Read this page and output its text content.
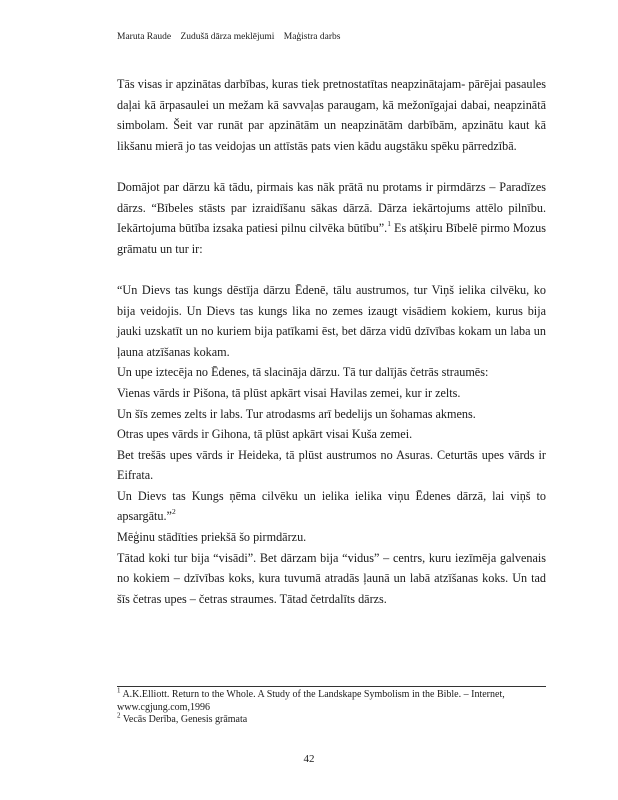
Maruta Raude Zudušā dārza meklējumi Maģistra darbs

Tās visas ir apzinātas darbības, kuras tiek pretnostatītas neapzinātajam- pārējai pasaules daļai kā ārpasaulei un mežam kā savvaļas paraugam, kā mežonīgajai dabai, neapzinātā simbolam. Šeit var runāt par apzinātām un neapzinātām darbībām, apzinātu kaut kā likšanu mierā jo tas veidojas un attīstās pats vien kādu augstāku spēku pārredzībā.

Domājot par dārzu kā tādu, pirmais kas nāk prātā nu protams ir pirmdārzs – Paradīzes dārzs. “Bībeles stāsts par izraidīšanu sākas dārzā. Dārza iekārtojums attēlo pilnību. Iekārtojuma būtība izsaka patiesi pilnu cilvēka būtību”.$^1$ Es atšķiru Bībelē pirmo Mozus grāmatu un tur ir:

“Un Dievs tas kungs dēstīja dārzu Ēdenē, tālu austrumos, tur Viņš ielika cilvēku, ko bija veidojis. Un Dievs tas kungs lika no zemes izaugt visādiem kokiem, kurus bija jauki uzskatīt un no kuriem bija patīkami ēst, bet dārza vidū dzīvības kokam un laba un ļauna atzīšanas kokam.

Un upe iztecēja no Ēdenes, tā slacināja dārzu. Tā tur dalījās četrās straumēs:

Vienas vārds ir Pišona, tā plūst apkārt visai Havilas zemei, kur ir zelts.

Un šīs zemes zelts ir labs. Tur atrodasms arī bedelijs un šohamas akmens.

Otras upes vārds ir Gihona, tā plūst apkārt visai Kuša zemei.

Bet trešās upes vārds ir Heideka, tā plūst austrumos no Asuras. Ceturtās upes vārds ir Eifrata.

Un Dievs tas Kungs ņēma cilvēku un ielika ielika viņu Ēdenes dārzā, lai viņš to apsargātu.”$^2$

Mēģinu stādīties priekšā šo pirmdārzu.

Tātad koki tur bija “visādi”. Bet dārzam bija “vidus” – centrs, kuru iezīmēja galvenais no kokiem – dzīvības koks, kura tuvumā atradās ļaunā un labā atzīšanas koks. Un tad šīs četras upes – četras straumes. Tātad četrdalīts dārzs.

$^1$ A.K.Elliott. Return to the Whole. A Study of the Landskape Symbolism in the Bible. – Internet, www.cgjung.com,1996

$^2$ Vecās Derība, Genesis grāmata

42
